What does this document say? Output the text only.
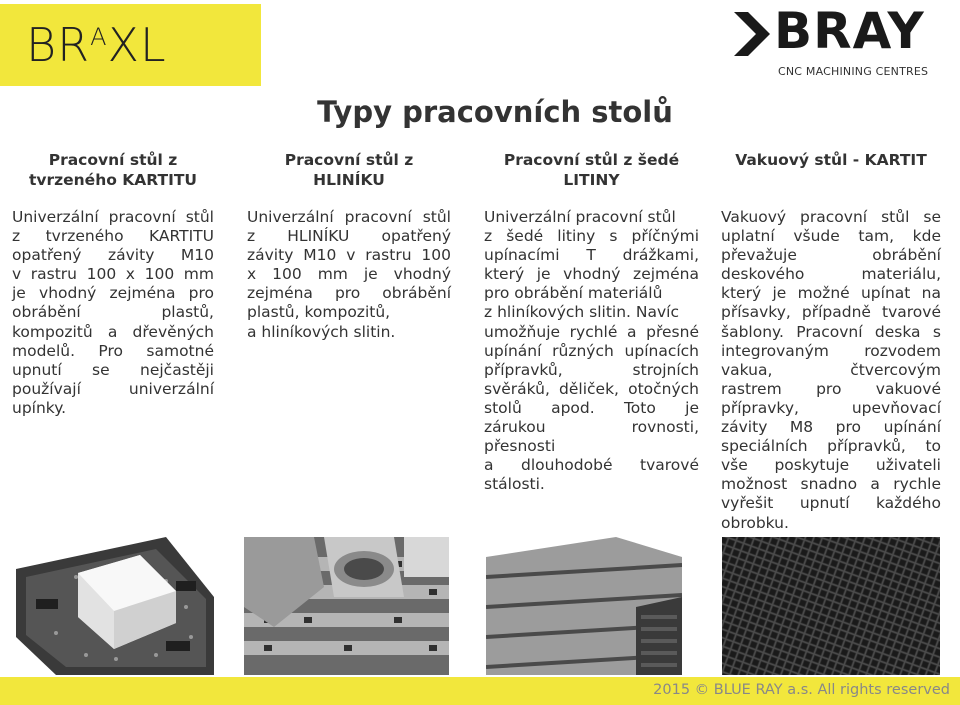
$BR^AXL$	BRAY
CNC MACHINING CENTRES
Typy pracovních stolů
Pracovní stůl z
tvrzeného KARTITU
Univerzální pracovní stůl
z tvrzeného KARTITU
opatřený závity M10
v rastru 100 x 100 mm
je vhodný zejména pro
obrábění plastů,
kompozitů a dřevěných
modelů. Pro samotné
upnutí se nejčastěji
používají univerzální
upínky.
Pracovní stůl z
HLINÍKU
Univerzální pracovní stůl
z HLINÍKU opatřený
závity M10 v rastru 100
x 100 mm je vhodný
zejména pro obrábění
plastů, kompozitů,
a hliníkových slitin.
Pracovní stůl z šedé
LITINY
Univerzální pracovní stůl
z šedé litiny s příčnými
upínacími T drážkami,
který je vhodný zejména
pro obrábění materiálů
z hliníkových slitin. Navíc
umožňuje rychlé a přesné
upínání různých upínacích
přípravků, strojních
svěráků, děliček, otočných
stolů apod. Toto je
zárukou rovnosti,
přesnosti
a dlouhodobé tvarové
stálosti.
Vakuový stůl - KARTIT
Vakuový pracovní stůl se
uplatní všude tam, kde
převažuje obrábění
deskového materiálu,
který je možné upínat na
přísavky, případně tvarové
šablony. Pracovní deska s
integrovaným rozvodem
vakua, čtvercovým
rastrem pro vakuové
přípravky, upevňovací
závity M8 pro upínání
speciálních přípravků, to
vše poskytuje uživateli
možnost snadno a rychle
vyřešit upnutí každého
obrobku.
2015 © BLUE RAY a.s. All rights reserved
